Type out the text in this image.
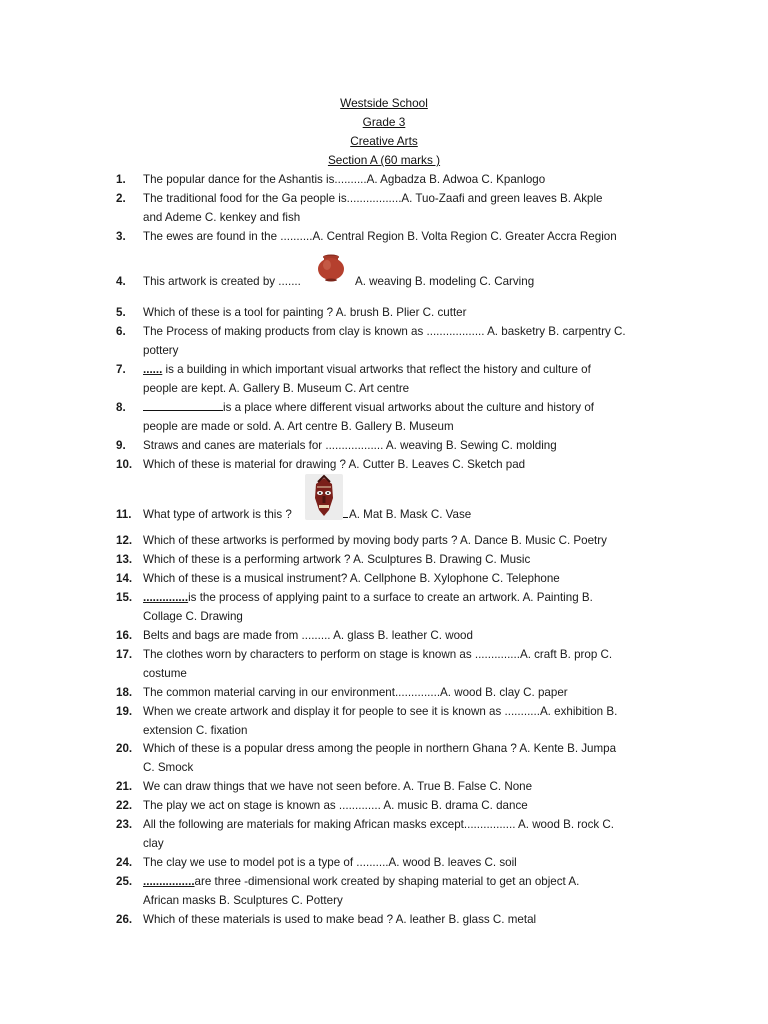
Westside School
Grade 3
Creative Arts
Section A (60 marks )
1.	The popular dance for the Ashantis is..........A. Agbadza B. Adwoa C. Kpanlogo
2.	The traditional food for the Ga people is.................A. Tuo-Zaafi and green leaves B. Akple
and Ademe C. kenkey and fish
3.	The ewes are found in the ..........A. Central Region B. Volta Region C. Greater Accra Region
4.	This artwork is created by .......	A. weaving B. modeling C. Carving
5.	Which of these is a tool for painting ? A. brush B. Plier C. cutter
6.	The Process of making products from clay is known as .................. A. basketry B. carpentry C.
pottery
7.	...... is a building in which important visual artworks that reflect the history and culture of
people are kept. A. Gallery B. Museum C. Art centre
8.	is a place where different visual artworks about the culture and history of
people are made or sold. A. Art centre B. Gallery B. Museum
9.	Straws and canes are materials for .................. A. weaving B. Sewing C. molding
10. Which of these is material for drawing ? A. Cutter B. Leaves C. Sketch pad
11. What type of artwork is this ?	A. Mat B. Mask C. Vase
12. Which of these artworks is performed by moving body parts ? A. Dance B. Music C. Poetry
13. Which of these is a performing artwork ? A. Sculptures B. Drawing C. Music
14. Which of these is a musical instrument? A. Cellphone B. Xylophone C. Telephone
15. ..............is the process of applying paint to a surface to create an artwork. A. Painting B.
Collage C. Drawing
16. Belts and bags are made from ......... A. glass B. leather C. wood
17. The clothes worn by characters to perform on stage is known as ..............A. craft B. prop C.
costume
18. The common material carving in our environment..............A. wood B. clay C. paper
19. When we create artwork and display it for people to see it is known as ...........A. exhibition B.
extension C. fixation
20. Which of these is a popular dress among the people in northern Ghana ? A. Kente B. Jumpa
C. Smock
21. We can draw things that we have not seen before. A. True B. False C. None
22. The play we act on stage is known as ............. A. music B. drama C. dance
23. All the following are materials for making African masks except................ A. wood B. rock C.
clay
24. The clay we use to model pot is a type of ..........A. wood B. leaves C. soil
25. ................are three -dimensional work created by shaping material to get an object A.
African masks B. Sculptures C. Pottery
26. Which of these materials is used to make bead ? A. leather B. glass C. metal
